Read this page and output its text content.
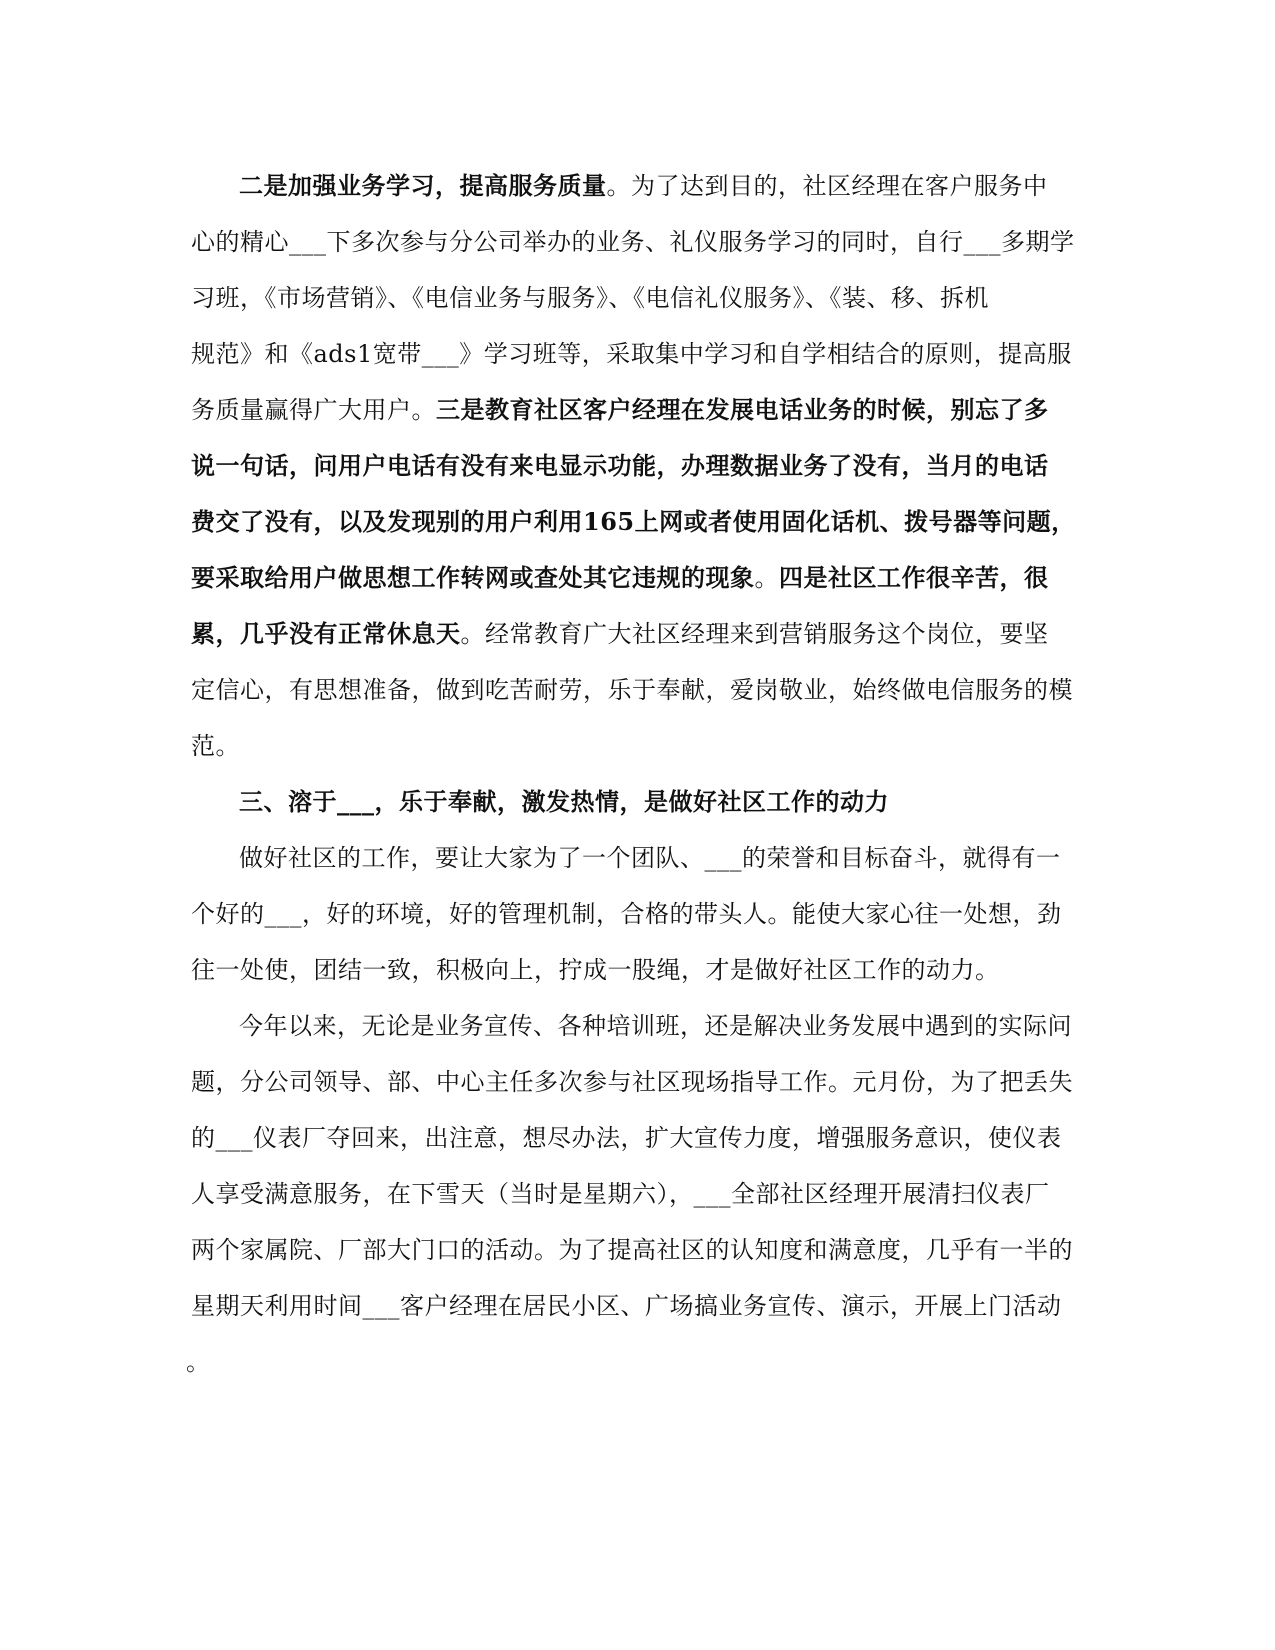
二是加强业务学习，提高服务质量。为了达到目的，社区经理在客户服务中
心的精心___下多次参与分公司举办的业务、礼仪服务学习的同时，自行___多期学
习班，《市场营销》、《电信业务与服务》、《电信礼仪服务》、《装、移、拆机
规范》和《ads1宽带___》学习班等，采取集中学习和自学相结合的原则，提高服
务质量赢得广大用户。三是教育社区客户经理在发展电话业务的时候，别忘了多
说一句话，问用户电话有没有来电显示功能，办理数据业务了没有，当月的电话
费交了没有，以及发现别的用户利用165上网或者使用固化话机、拨号器等问题，
要采取给用户做思想工作转网或查处其它违规的现象。四是社区工作很辛苦，很
累，几乎没有正常休息天。经常教育广大社区经理来到营销服务这个岗位，要坚
定信心，有思想准备，做到吃苦耐劳，乐于奉献，爱岗敬业，始终做电信服务的模
范。
三、溶于___，乐于奉献，激发热情，是做好社区工作的动力
做好社区的工作，要让大家为了一个团队、___的荣誉和目标奋斗，就得有一
个好的___，好的环境，好的管理机制，合格的带头人。能使大家心往一处想，劲
往一处使，团结一致，积极向上，拧成一股绳，才是做好社区工作的动力。
今年以来，无论是业务宣传、各种培训班，还是解决业务发展中遇到的实际问
题，分公司领导、部、中心主任多次参与社区现场指导工作。元月份，为了把丢失
的___仪表厂夺回来，出注意，想尽办法，扩大宣传力度，增强服务意识，使仪表
人享受满意服务，在下雪天（当时是星期六），___全部社区经理开展清扫仪表厂
两个家属院、厂部大门口的活动。为了提高社区的认知度和满意度，几乎有一半的
星期天利用时间___客户经理在居民小区、广场搞业务宣传、演示，开展上门活动
。
